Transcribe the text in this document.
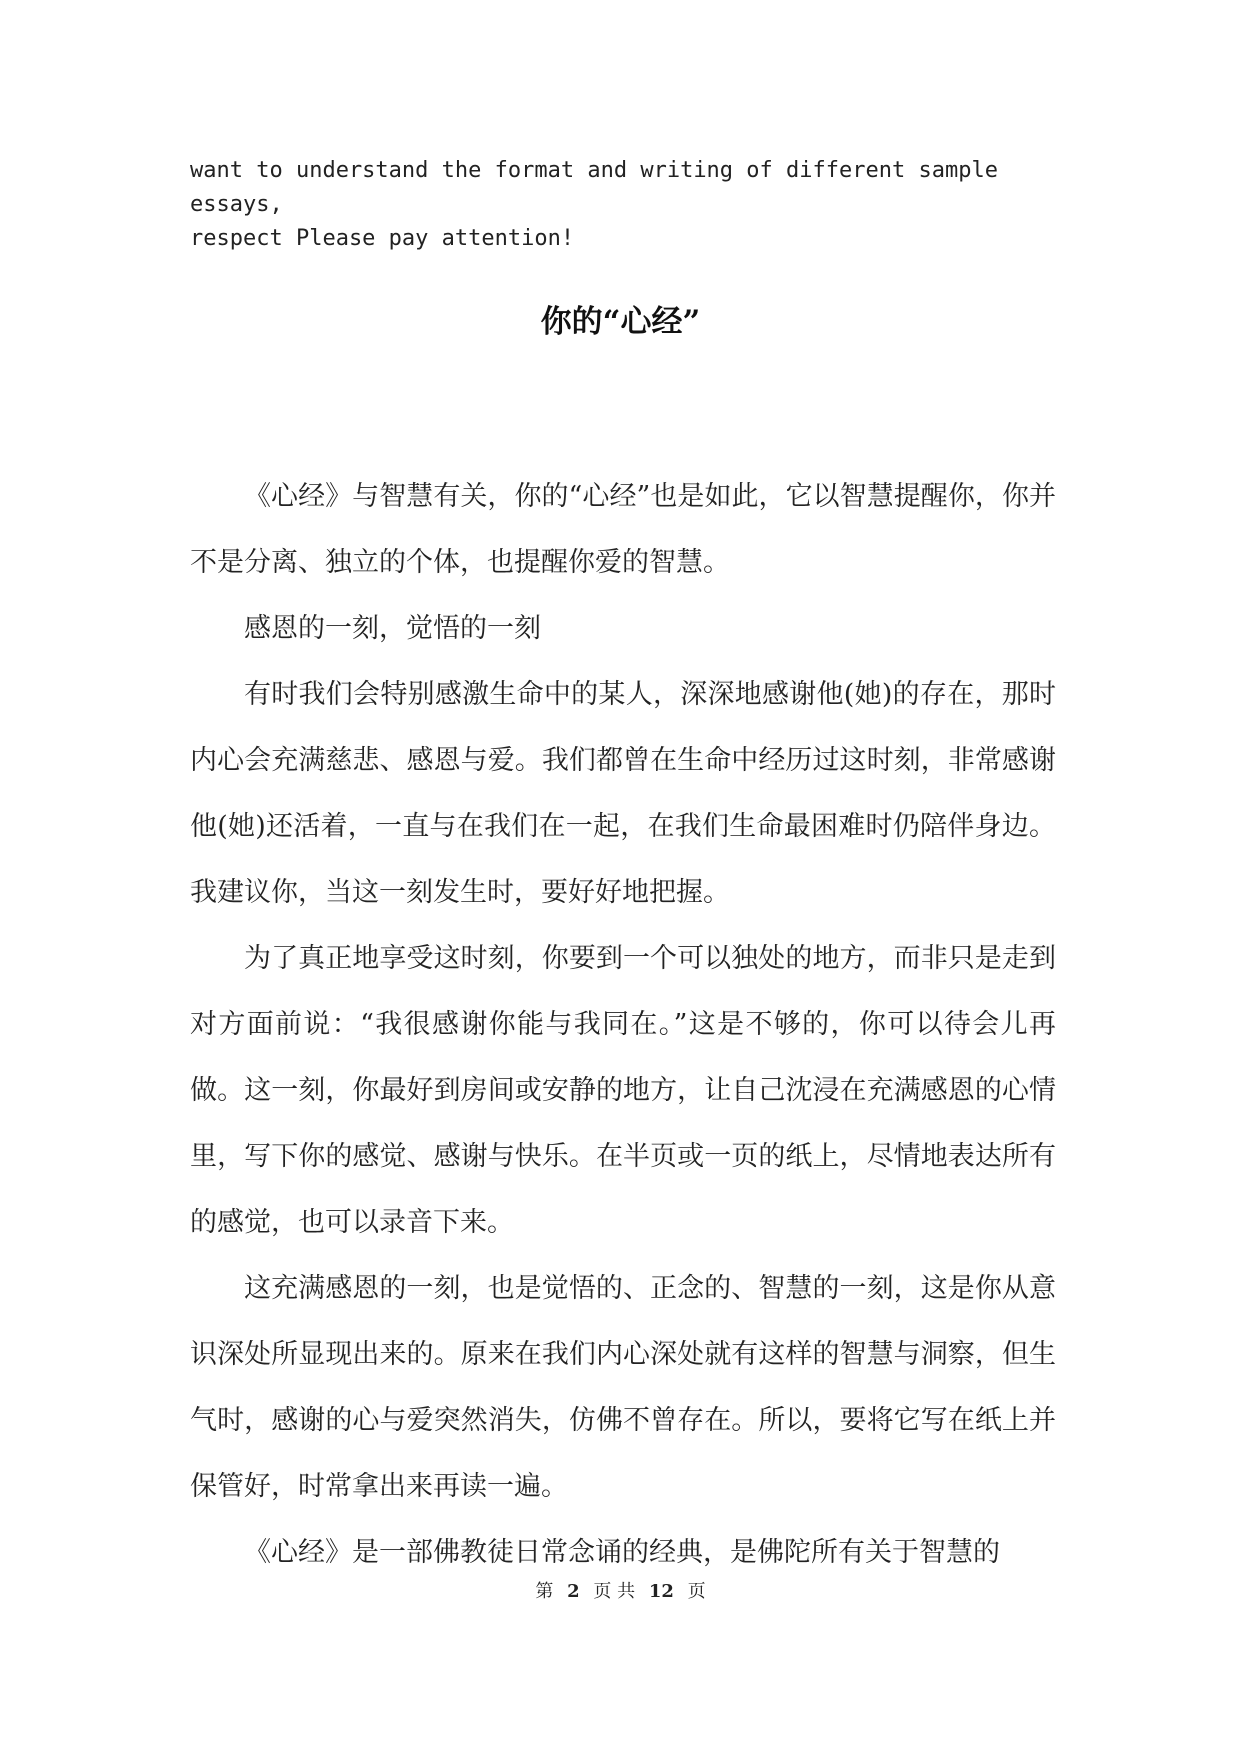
want to understand the format and writing of different sample essays,
respect Please pay attention!
你的“心经”

《心经》与智慧有关，你的“心经”也是如此，它以智慧提醒你，你并不是分离、独立的个体，也提醒你爱的智慧。

感恩的一刻，觉悟的一刻

有时我们会特别感激生命中的某人，深深地感谢他(她)的存在，那时内心会充满慈悲、感恩与爱。我们都曾在生命中经历过这时刻，非常感谢他(她)还活着，一直与在我们在一起，在我们生命最困难时仍陪伴身边。我建议你，当这一刻发生时，要好好地把握。

为了真正地享受这时刻，你要到一个可以独处的地方，而非只是走到对方面前说：“我很感谢你能与我同在。”这是不够的，你可以待会儿再做。这一刻，你最好到房间或安静的地方，让自己沈浸在充满感恩的心情里，写下你的感觉、感谢与快乐。在半页或一页的纸上，尽情地表达所有的感觉，也可以录音下来。

这充满感恩的一刻，也是觉悟的、正念的、智慧的一刻，这是你从意识深处所显现出来的。原来在我们内心深处就有这样的智慧与洞察，但生气时，感谢的心与爱突然消失，仿佛不曾存在。所以，要将它写在纸上并保管好，时常拿出来再读一遍。

《心经》是一部佛教徒日常念诵的经典，是佛陀所有关于智慧的

第 2 页 共 12 页
